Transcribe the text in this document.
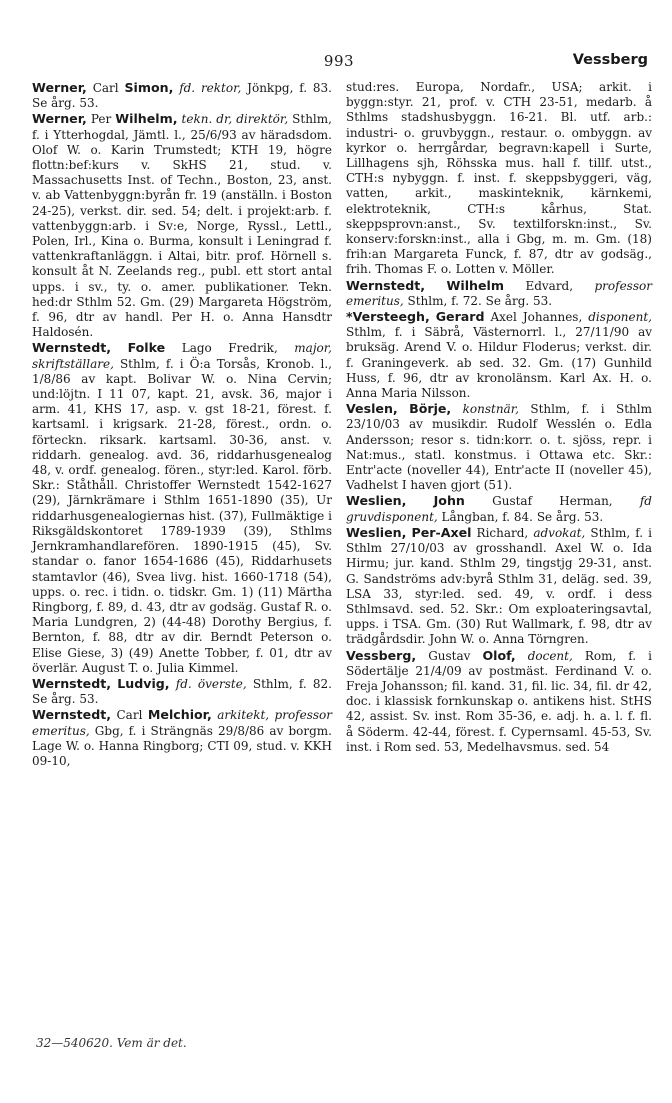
993	Vessberg

Werner, Carl Simon, fd. rektor, Jönkpg, f. 83. Se årg. 53.

Werner, Per Wilhelm, tekn. dr, direktör, Sthlm, f. i Ytterhogdal, Jämtl. l., 25/6/93 av häradsdom. Olof W. o. Karin Trumstedt; KTH 19, högre flottn:bef:kurs v. SkHS 21, stud. v. Massachusetts Inst. of Techn., Boston, 23, anst. v. ab Vattenbyggn:byrån fr. 19 (anställn. i Boston 24-25), verkst. dir. sed. 54; delt. i projekt:arb. f. vattenbyggn:arb. i Sv:e, Norge, Ryssl., Lettl., Polen, Irl., Kina o. Burma, konsult i Leningrad f. vattenkraftanläggn. i Altai, bitr. prof. Hörnell s. konsult åt N. Zeelands reg., publ. ett stort antal upps. i sv., ty. o. amer. publikationer. Tekn. hed:dr Sthlm 52. Gm. (29) Margareta Högström, f. 96, dtr av handl. Per H. o. Anna Hansdtr Haldosén.

Wernstedt, Folke Lago Fredrik, major, skriftställare, Sthlm, f. i Ö:a Torsås, Kronob. l., 1/8/86 av kapt. Bolivar W. o. Nina Cervin; und:löjtn. I 11 07, kapt. 21, avsk. 36, major i arm. 41, KHS 17, asp. v. gst 18-21, förest. f. kartsaml. i krigsark. 21-28, förest., ordn. o. förteckn. riksark. kartsaml. 30-36, anst. v. riddarh. genealog. avd. 36, riddarhusgenealog 48, v. ordf. genealog. fören., styr:led. Karol. förb. Skr.: Ståthåll. Christoffer Wernstedt 1542-1627 (29), Järnkrämare i Sthlm 1651-1890 (35), Ur riddarhusgenealogiernas hist. (37), Fullmäktige i Riksgäldskontoret 1789-1939 (39), Sthlms Jernkramhandlarefören. 1890-1915 (45), Sv. standar o. fanor 1654-1686 (45), Riddarhusets stamtavlor (46), Svea livg. hist. 1660-1718 (54), upps. o. rec. i tidn. o. tidskr. Gm. 1) (11) Märtha Ringborg, f. 89, d. 43, dtr av godsäg. Gustaf R. o. Maria Lundgren, 2) (44-48) Dorothy Bergius, f. Bernton, f. 88, dtr av dir. Berndt Peterson o. Elise Giese, 3) (49) Anette Tobber, f. 01, dtr av överlär. August T. o. Julia Kimmel.

Wernstedt, Ludvig, fd. överste, Sthlm, f. 82. Se årg. 53.

Wernstedt, Carl Melchior, arkitekt, professor emeritus, Gbg, f. i Strängnäs 29/8/86 av borgm. Lage W. o. Hanna Ringborg; CTI 09, stud. v. KKH 09-10,

stud:res. Europa, Nordafr., USA; arkit. i byggn:styr. 21, prof. v. CTH 23-51, medarb. å Sthlms stadshusbyggn. 16-21. Bl. utf. arb.: industri- o. gruvbyggn., restaur. o. ombyggn. av kyrkor o. herrgårdar, begravn:kapell i Surte, Lillhagens sjh, Röhsska mus. hall f. tillf. utst., CTH:s nybyggn. f. inst. f. skeppsbyggeri, väg, vatten, arkit., maskinteknik, kärnkemi, elektroteknik, CTH:s kårhus, Stat. skeppsprovn:anst., Sv. textilforskn:inst., Sv. konserv:forskn:inst., alla i Gbg, m. m. Gm. (18) frih:an Margareta Funck, f. 87, dtr av godsäg., frih. Thomas F. o. Lotten v. Möller.

Wernstedt, Wilhelm Edvard, professor emeritus, Sthlm, f. 72. Se årg. 53.

*Versteegh, Gerard Axel Johannes, disponent, Sthlm, f. i Säbrå, Västernorrl. l., 27/11/90 av bruksäg. Arend V. o. Hildur Floderus; verkst. dir. f. Graningeverk. ab sed. 32. Gm. (17) Gunhild Huss, f. 96, dtr av kronolänsm. Karl Ax. H. o. Anna Maria Nilsson.

Veslen, Börje, konstnär, Sthlm, f. i Sthlm 23/10/03 av musikdir. Rudolf Wesslén o. Edla Andersson; resor s. tidn:korr. o. t. sjöss, repr. i Nat:mus., statl. konstmus. i Ottawa etc. Skr.: Entr'acte (noveller 44), Entr'acte II (noveller 45), Vadhelst I haven gjort (51).

Weslien, John Gustaf Herman, fd gruvdisponent, Långban, f. 84. Se årg. 53.

Weslien, Per-Axel Richard, advokat, Sthlm, f. i Sthlm 27/10/03 av grosshandl. Axel W. o. Ida Hirmu; jur. kand. Sthlm 29, tingstjg 29-31, anst. G. Sandströms adv:byrå Sthlm 31, deläg. sed. 39, LSA 33, styr:led. sed. 49, v. ordf. i dess Sthlmsavd. sed. 52. Skr.: Om exploateringsavtal, upps. i TSA. Gm. (30) Rut Wallmark, f. 98, dtr av trädgårdsdir. John W. o. Anna Törngren.

Vessberg, Gustav Olof, docent, Rom, f. i Södertälje 21/4/09 av postmäst. Ferdinand V. o. Freja Johansson; fil. kand. 31, fil. lic. 34, fil. dr 42, doc. i klassisk fornkunskap o. antikens hist. StHS 42, assist. Sv. inst. Rom 35-36, e. adj. h. a. l. f. fl. å Söderm. 42-44, förest. f. Cypernsaml. 45-53, Sv. inst. i Rom sed. 53, Medelhavsmus. sed. 54

32—540620. Vem är det.
